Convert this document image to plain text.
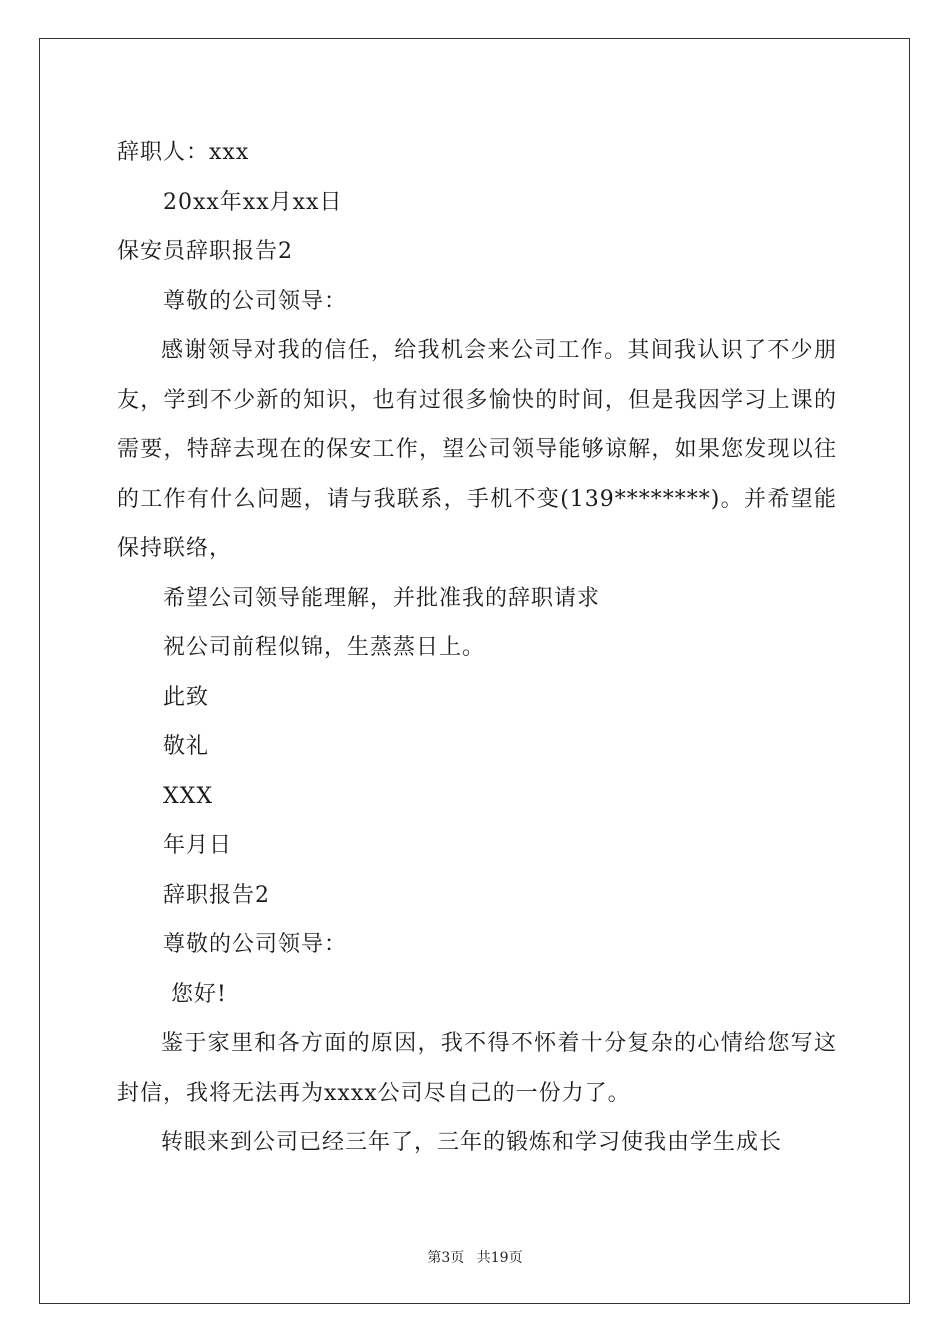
辞职人：xxx
20xx年xx月xx日
保安员辞职报告2
尊敬的公司领导：
感谢领导对我的信任，给我机会来公司工作。其间我认识了不少朋友，学到不少新的知识，也有过很多愉快的时间，但是我因学习上课的需要，特辞去现在的保安工作，望公司领导能够谅解，如果您发现以往的工作有什么问题，请与我联系，手机不变(139********)。并希望能保持联络，
希望公司领导能理解，并批准我的辞职请求
祝公司前程似锦，生蒸蒸日上。
此致
敬礼
XXX
年月日
辞职报告2
尊敬的公司领导：
您好!
鉴于家里和各方面的原因，我不得不怀着十分复杂的心情给您写这封信，我将无法再为xxxx公司尽自己的一份力了。
转眼来到公司已经三年了，三年的锻炼和学习使我由学生成长
第3页 共19页
